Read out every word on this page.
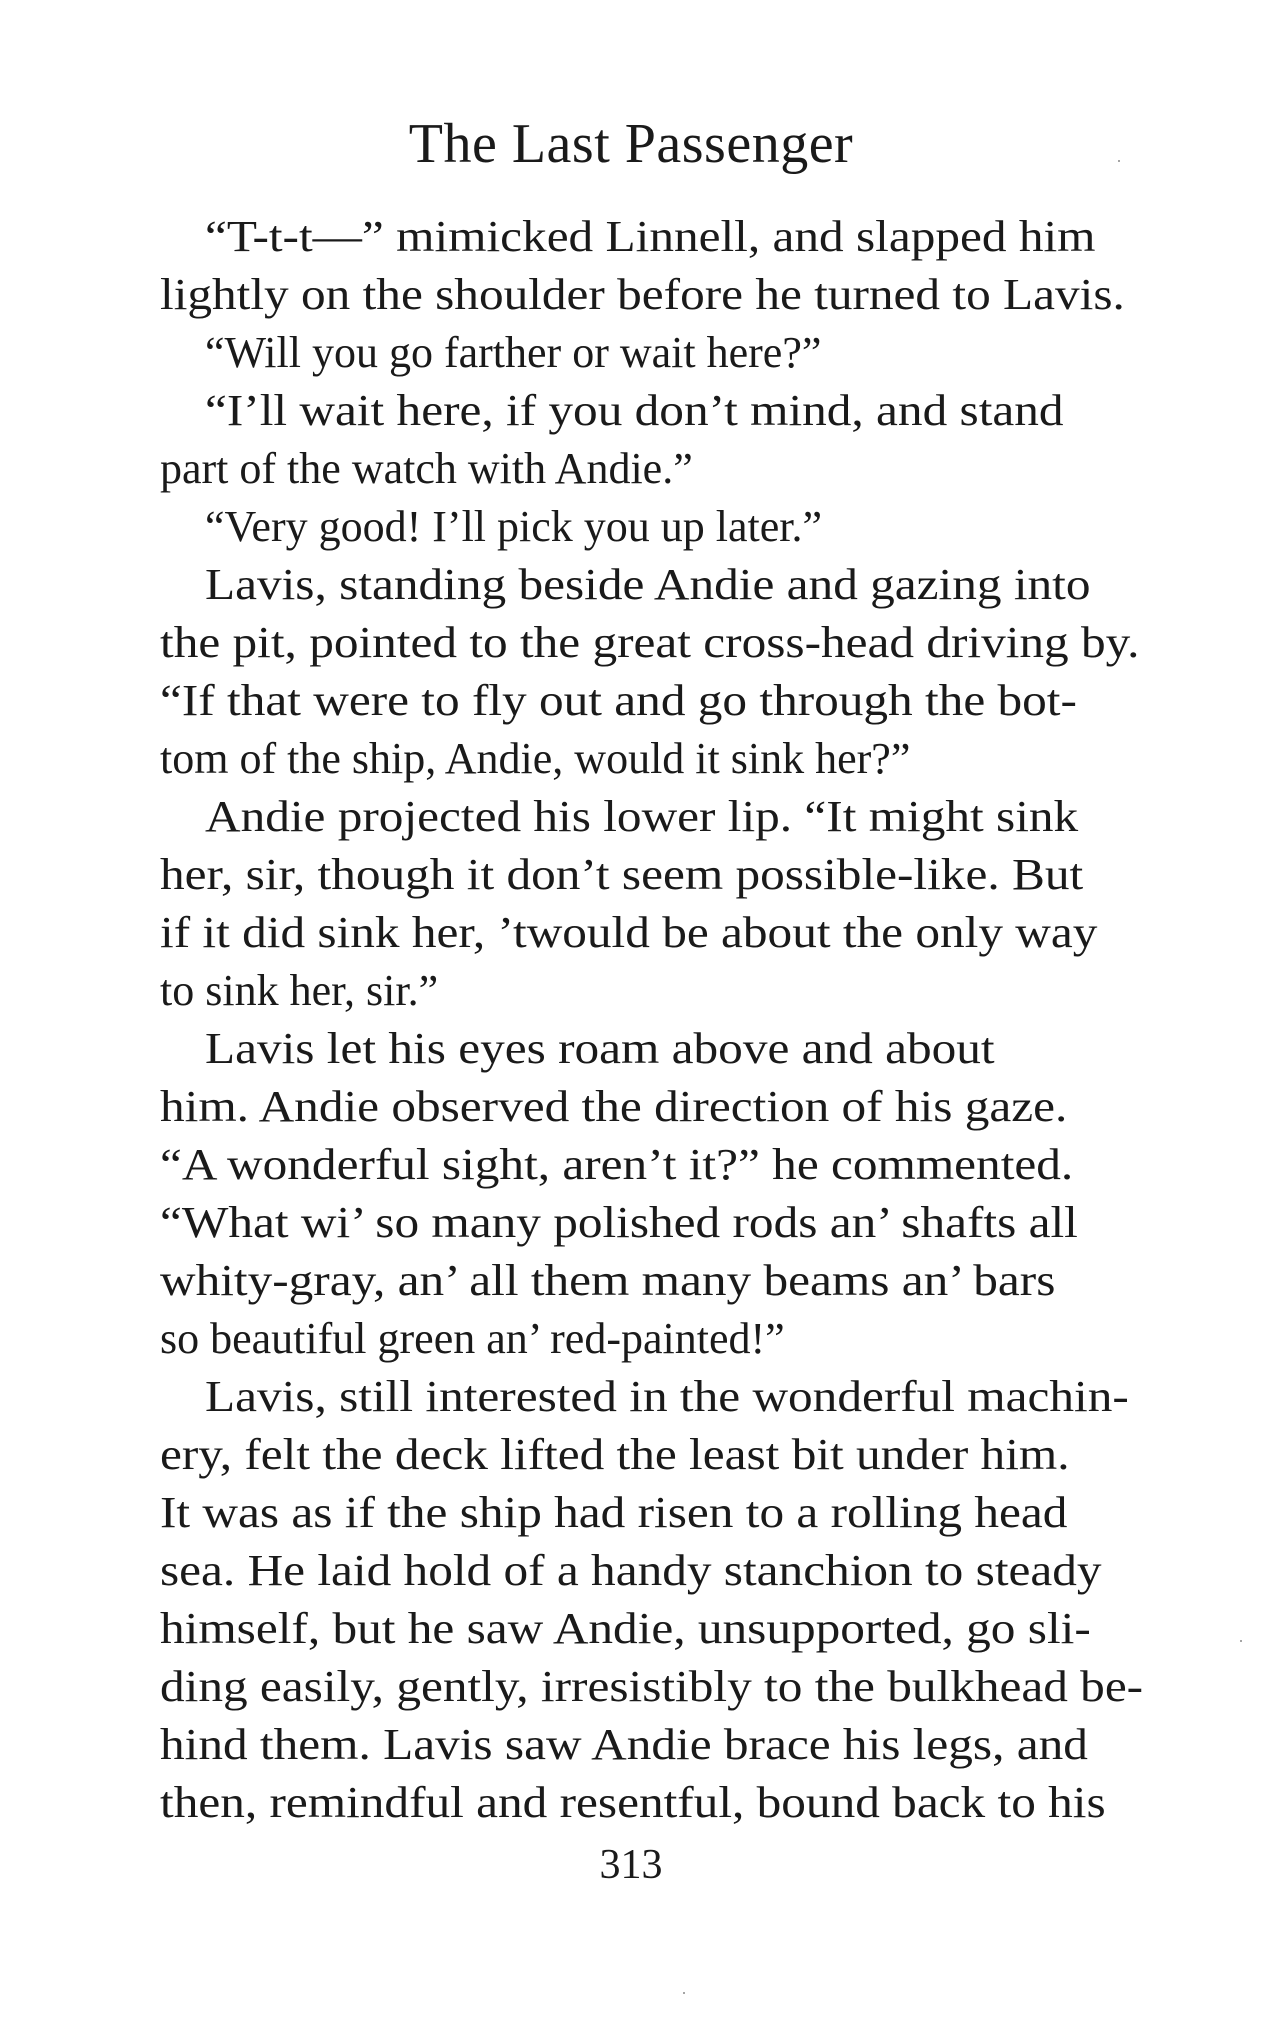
The Last Passenger
“T-t-t—” mimicked Linnell, and slapped him
lightly on the shoulder before he turned to Lavis.
“Will you go farther or wait here?”
“I’ll wait here, if you don’t mind, and stand
part of the watch with Andie.”
“Very good! I’ll pick you up later.”
Lavis, standing beside Andie and gazing into
the pit, pointed to the great cross-head driving by.
“If that were to fly out and go through the bot-
tom of the ship, Andie, would it sink her?”
Andie projected his lower lip. “It might sink
her, sir, though it don’t seem possible-like. But
if it did sink her, ’twould be about the only way
to sink her, sir.”
Lavis let his eyes roam above and about
him. Andie observed the direction of his gaze.
“A wonderful sight, aren’t it?” he commented.
“What wi’ so many polished rods an’ shafts all
whity-gray, an’ all them many beams an’ bars
so beautiful green an’ red-painted!”
Lavis, still interested in the wonderful machin-
ery, felt the deck lifted the least bit under him.
It was as if the ship had risen to a rolling head
sea. He laid hold of a handy stanchion to steady
himself, but he saw Andie, unsupported, go sli-
ding easily, gently, irresistibly to the bulkhead be-
hind them. Lavis saw Andie brace his legs, and
then, remindful and resentful, bound back to his
313
